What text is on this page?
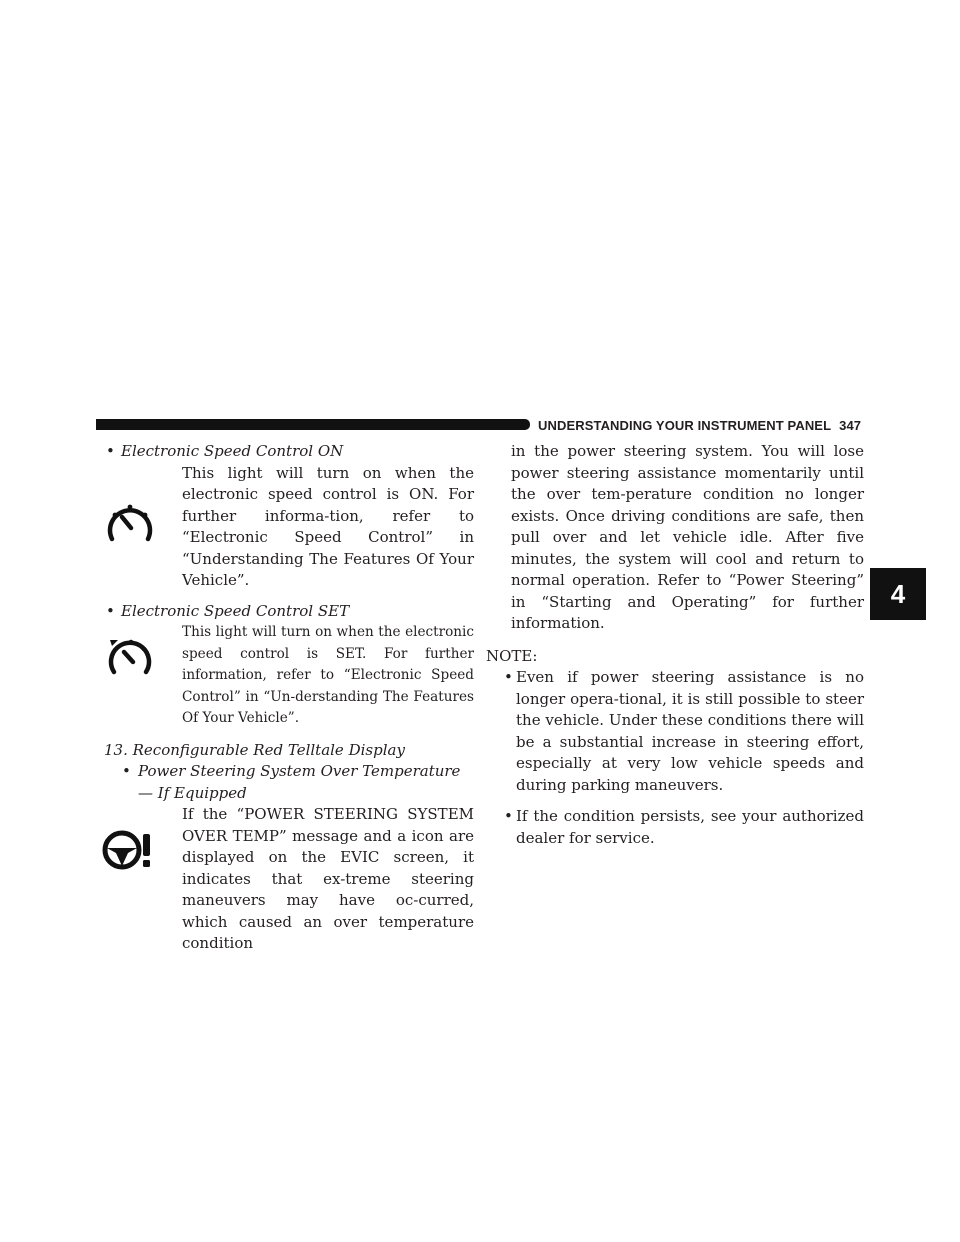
UNDERSTANDING YOUR INSTRUMENT PANEL 347
4
• Electronic Speed Control ON
This light will turn on when the electronic speed control is ON. For further informa-tion, refer to “Electronic Speed Control” in “Understanding The Features Of Your Vehicle”.
• Electronic Speed Control SET
This light will turn on when the electronic speed control is SET. For further information, refer to “Electronic Speed Control” in “Un-derstanding The Features Of Your Vehicle”.
13. Reconfigurable Red Telltale Display
• Power Steering System Over Temperature — If Equipped
If the “POWER STEERING SYSTEM OVER TEMP” message and a icon are displayed on the EVIC screen, it indicates that ex-treme steering maneuvers may have oc-curred, which caused an over temperature condition
in the power steering system. You will lose power steering assistance momentarily until the over tem-perature condition no longer exists. Once driving conditions are safe, then pull over and let vehicle idle. After five minutes, the system will cool and return to normal operation. Refer to “Power Steering” in “Starting and Operating” for further information.
NOTE:
• Even if power steering assistance is no longer opera-tional, it is still possible to steer the vehicle. Under these conditions there will be a substantial increase in steering effort, especially at very low vehicle speeds and during parking maneuvers.
• If the condition persists, see your authorized dealer for service.
